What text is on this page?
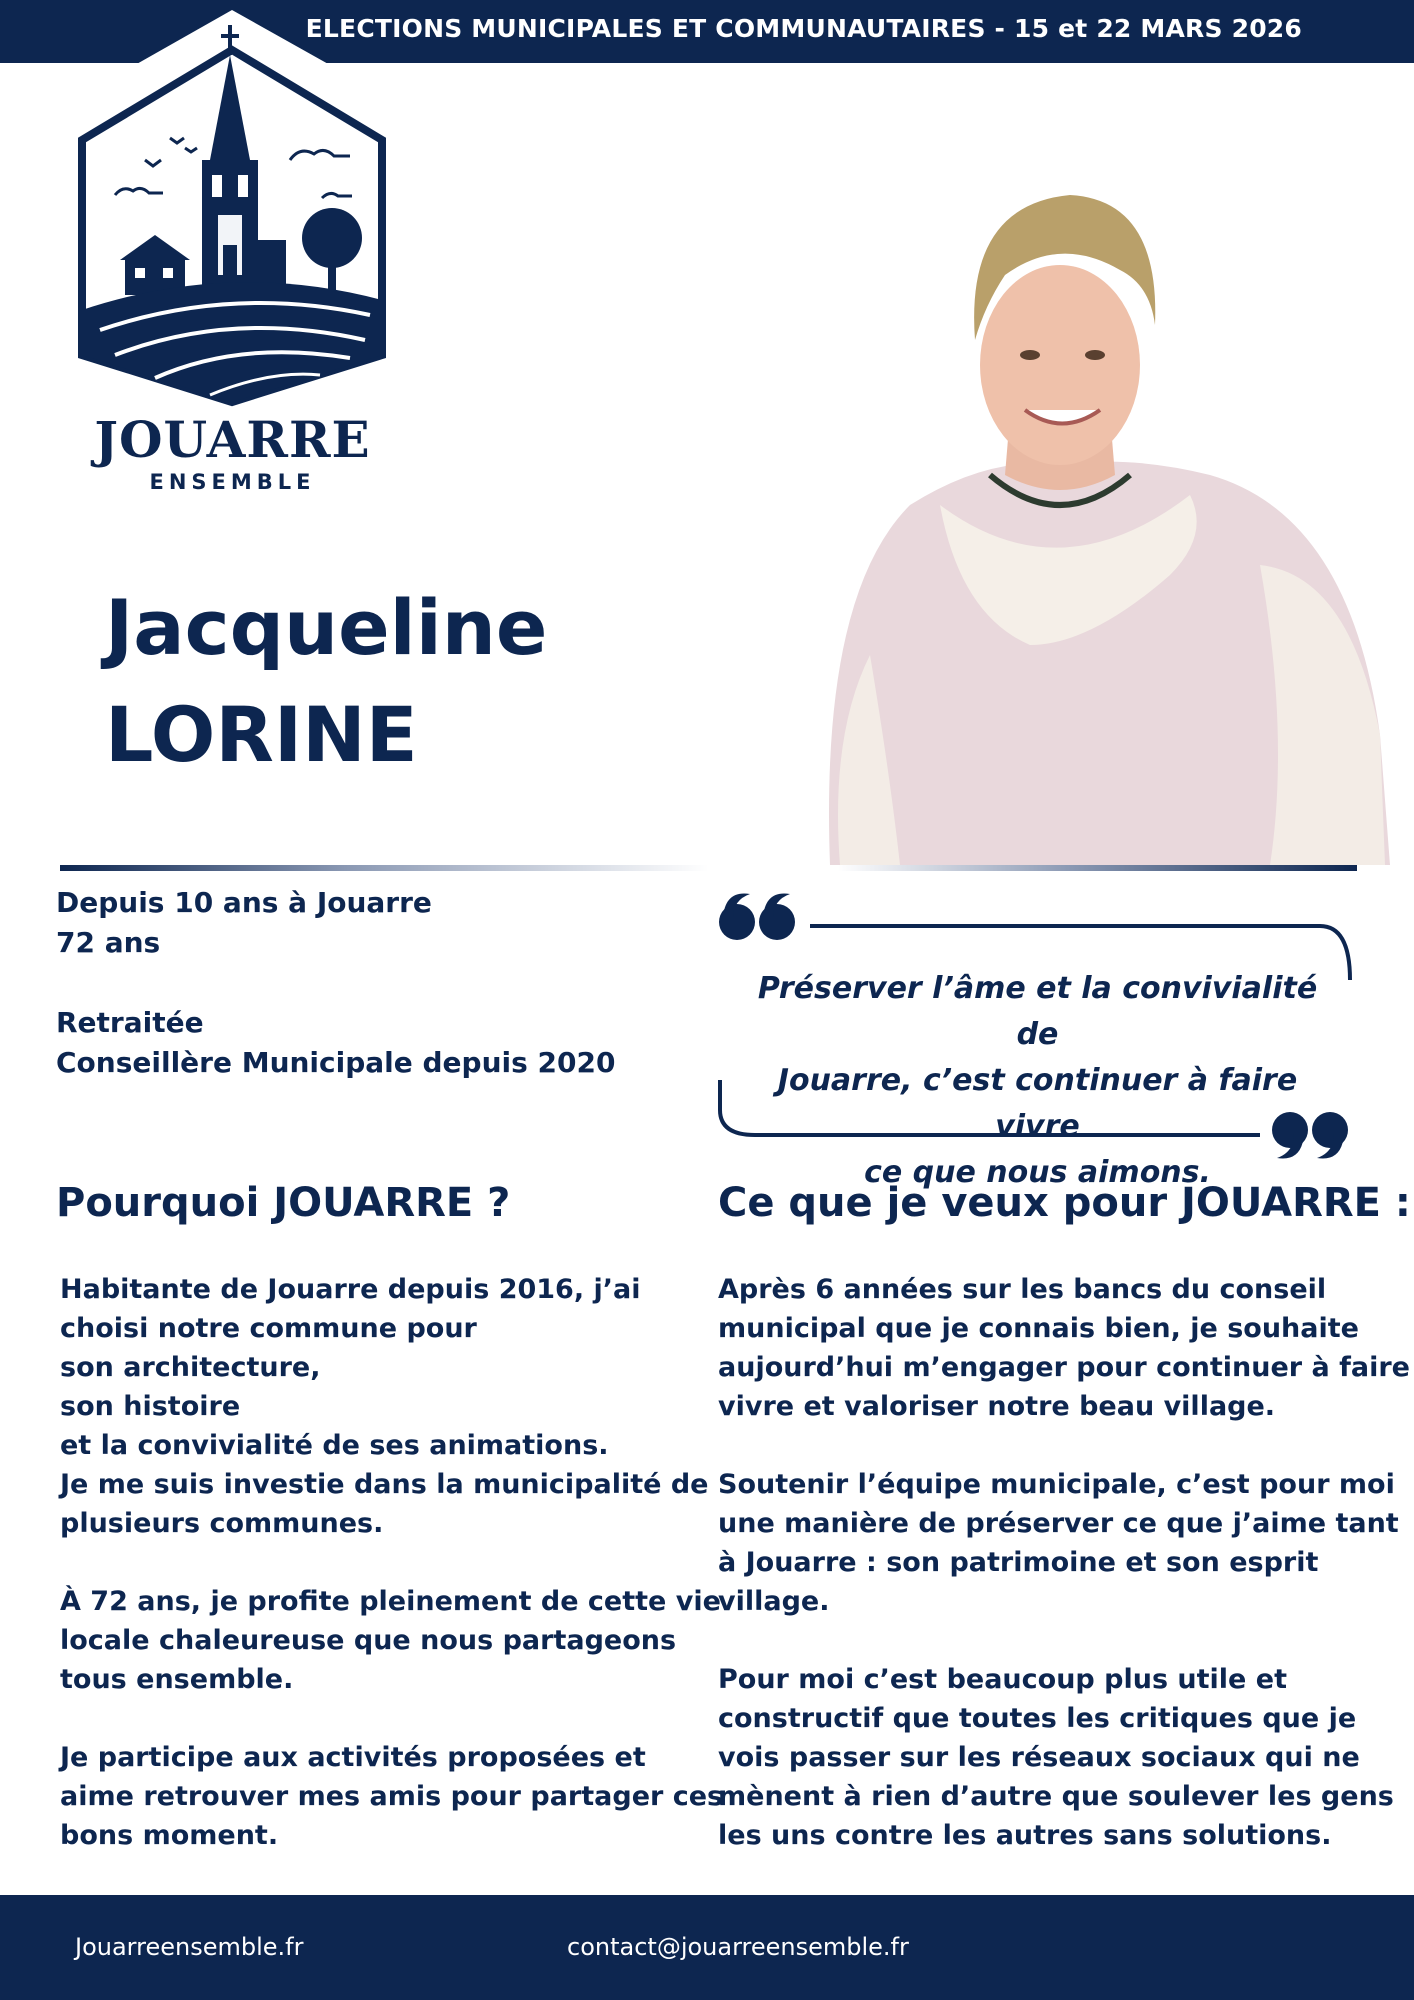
ELECTIONS MUNICIPALES ET COMMUNAUTAIRES - 15 et 22 MARS 2026
JOUARRE
ENSEMBLE
Jacqueline
LORINE
Depuis 10 ans à Jouarre
72 ans
Retraitée
Conseillère Municipale depuis 2020
Préserver l’âme et la convivialité de
Jouarre, c’est continuer à faire vivre
ce que nous aimons.
Pourquoi JOUARRE ?	Ce que je veux pour JOUARRE :

Habitante de Jouarre depuis 2016, j’ai
choisi notre commune pour
son architecture,
son histoire
et la convivialité de ses animations.
Je me suis investie dans la municipalité de
plusieurs communes.

À 72 ans, je profite pleinement de cette vie
locale chaleureuse que nous partageons
tous ensemble.

Je participe aux activités proposées et
aime retrouver mes amis pour partager ces
bons moment.

Après 6 années sur les bancs du conseil
municipal que je connais bien, je souhaite
aujourd’hui m’engager pour continuer à faire
vivre et valoriser notre beau village.

Soutenir l’équipe municipale, c’est pour moi
une manière de préserver ce que j’aime tant
à Jouarre : son patrimoine et son esprit
village.

Pour moi c’est beaucoup plus utile et
constructif que toutes les critiques que je
vois passer sur les réseaux sociaux qui ne
mènent à rien d’autre que soulever les gens
les uns contre les autres sans solutions.

Jouarreensemble.fr	contact@jouarreensemble.fr
